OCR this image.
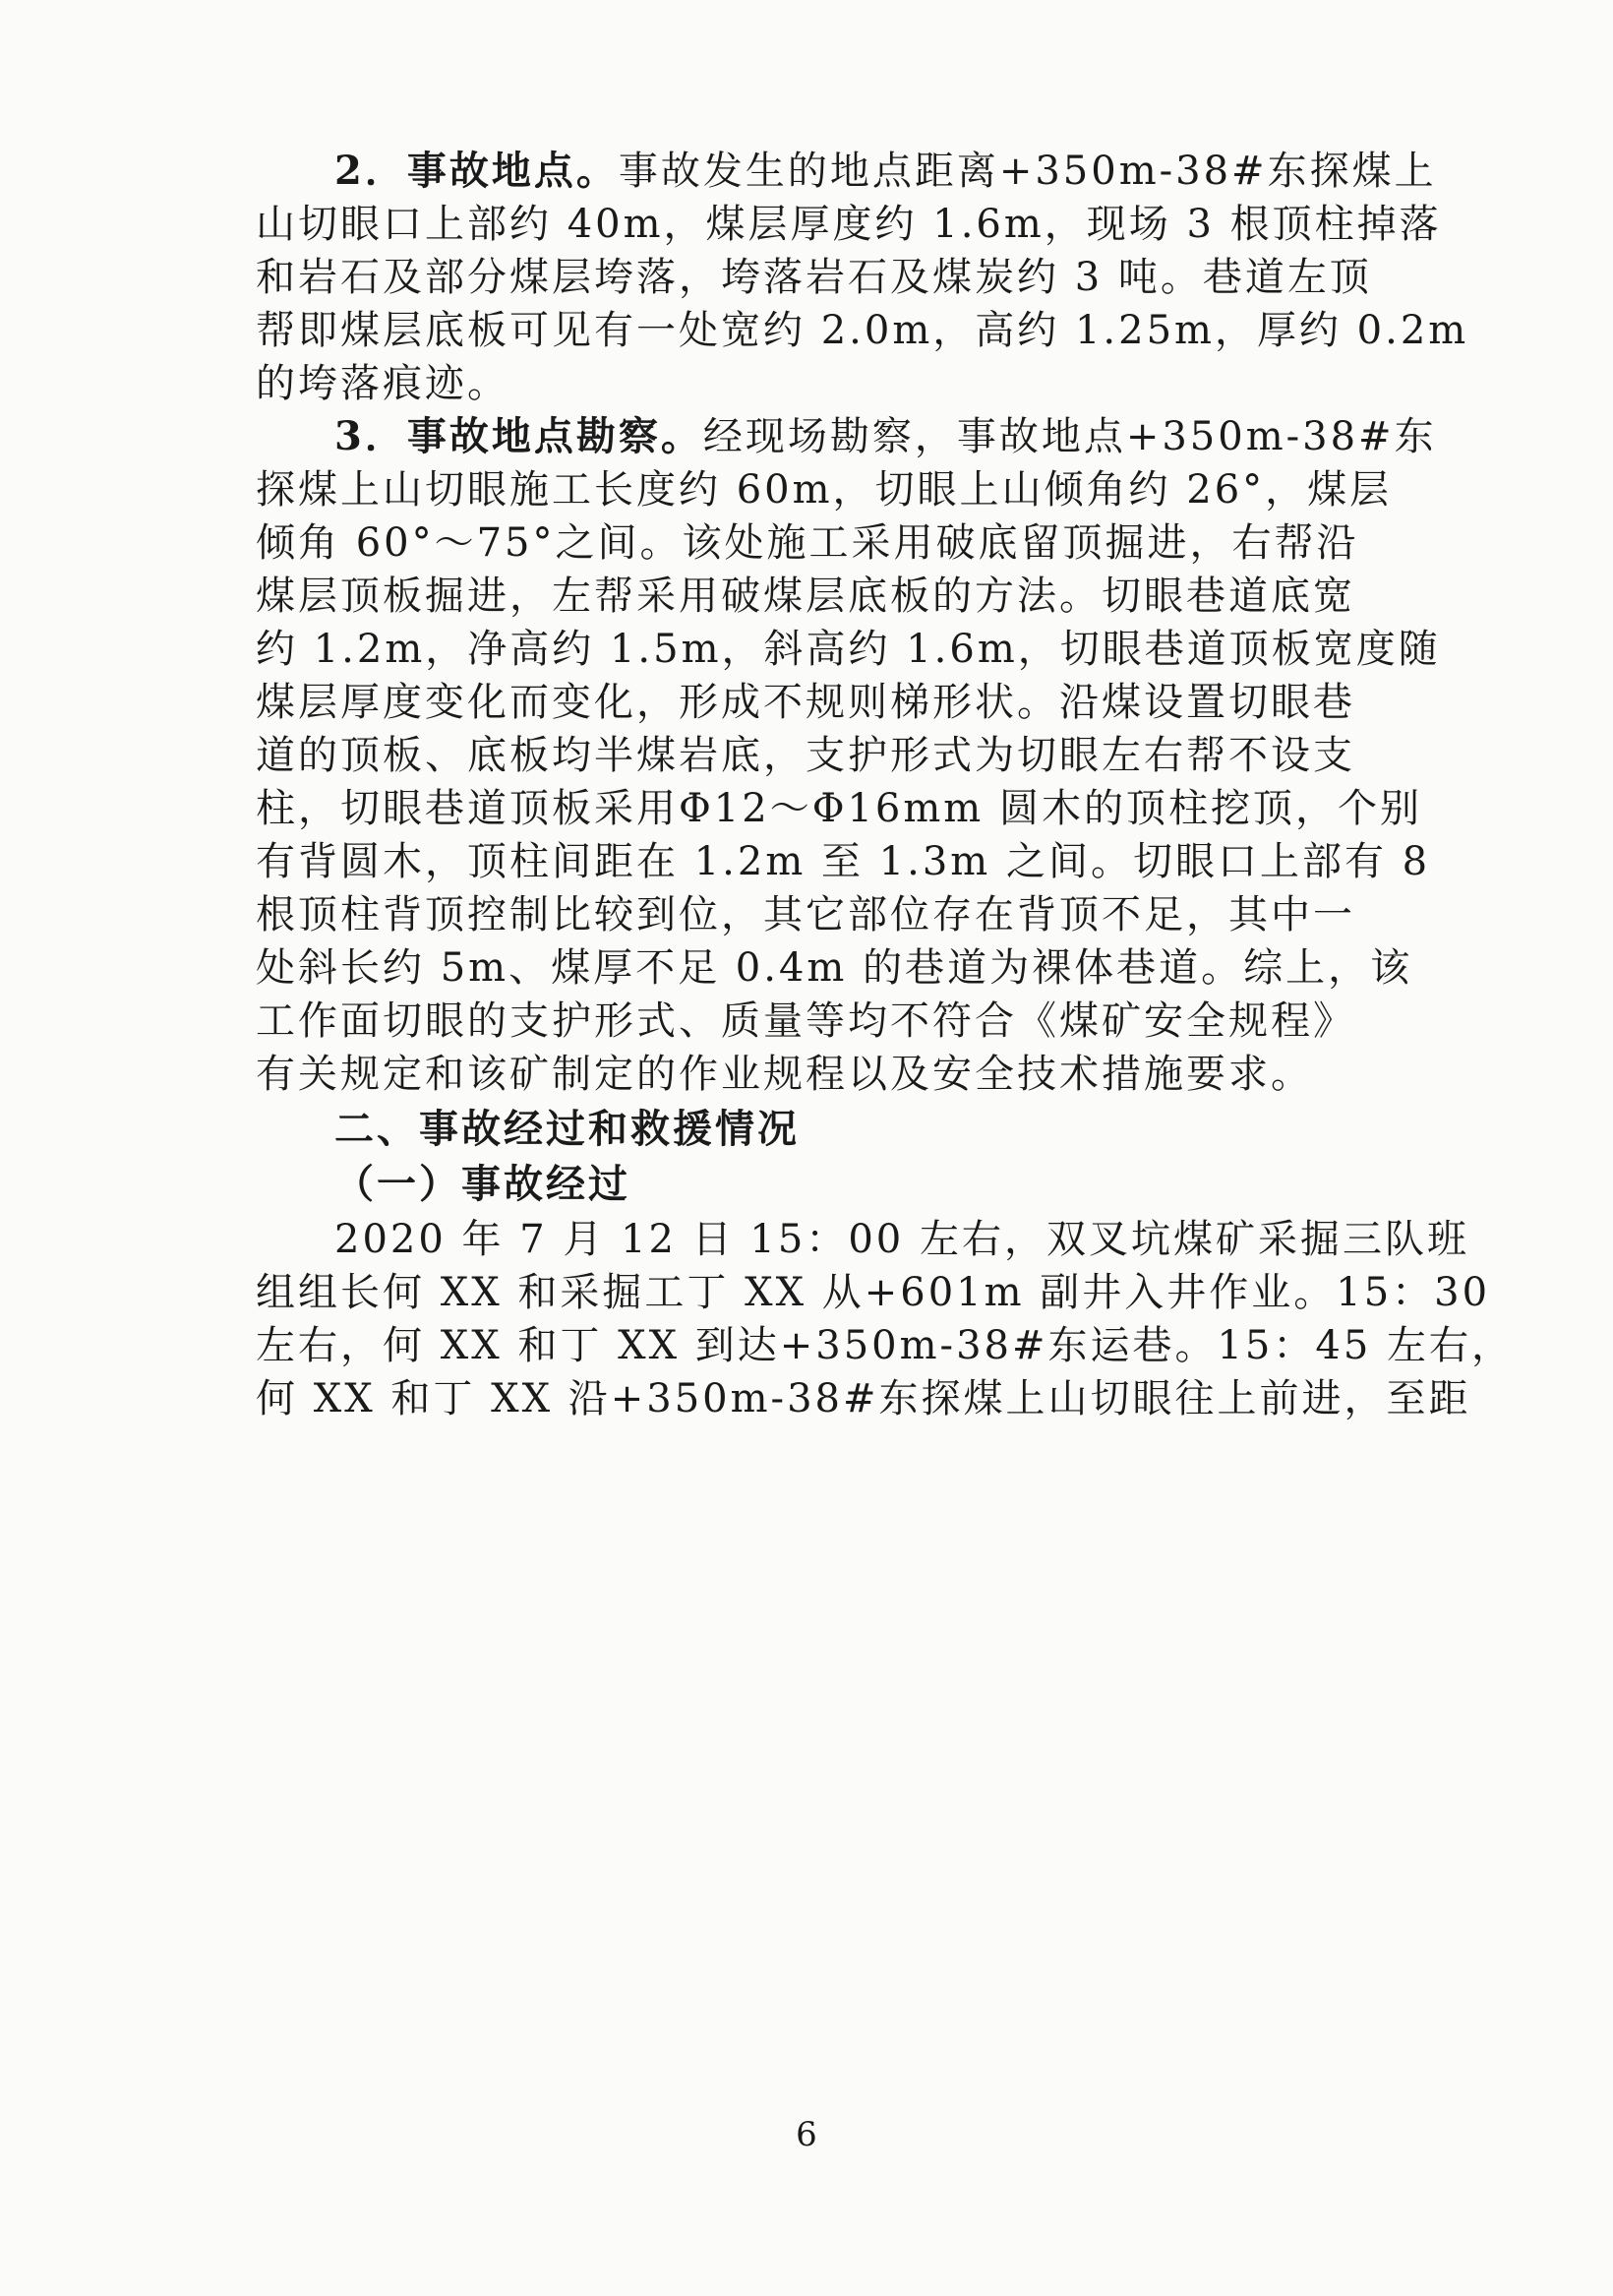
2．事故地点。事故发生的地点距离+350m-38#东探煤上
山切眼口上部约 40m，煤层厚度约 1.6m，现场 3 根顶柱掉落
和岩石及部分煤层垮落，垮落岩石及煤炭约 3 吨。巷道左顶
帮即煤层底板可见有一处宽约 2.0m，高约 1.25m，厚约 0.2m
的垮落痕迹。
3．事故地点勘察。经现场勘察，事故地点+350m-38#东
探煤上山切眼施工长度约 60m，切眼上山倾角约 26°，煤层
倾角 60°～75°之间。该处施工采用破底留顶掘进，右帮沿
煤层顶板掘进，左帮采用破煤层底板的方法。切眼巷道底宽
约 1.2m，净高约 1.5m，斜高约 1.6m，切眼巷道顶板宽度随
煤层厚度变化而变化，形成不规则梯形状。沿煤设置切眼巷
道的顶板、底板均半煤岩底，支护形式为切眼左右帮不设支
柱，切眼巷道顶板采用Φ12～Φ16mm 圆木的顶柱挖顶，个别
有背圆木，顶柱间距在 1.2m 至 1.3m 之间。切眼口上部有 8
根顶柱背顶控制比较到位，其它部位存在背顶不足，其中一
处斜长约 5m、煤厚不足 0.4m 的巷道为裸体巷道。综上，该
工作面切眼的支护形式、质量等均不符合《煤矿安全规程》
有关规定和该矿制定的作业规程以及安全技术措施要求。
二、事故经过和救援情况
（一）事故经过
2020 年 7 月 12 日 15：00 左右，双叉坑煤矿采掘三队班
组组长何 XX 和采掘工丁 XX 从+601m 副井入井作业。15：30
左右，何 XX 和丁 XX 到达+350m-38#东运巷。15：45 左右，
何 XX 和丁 XX 沿+350m-38#东探煤上山切眼往上前进，至距
6
